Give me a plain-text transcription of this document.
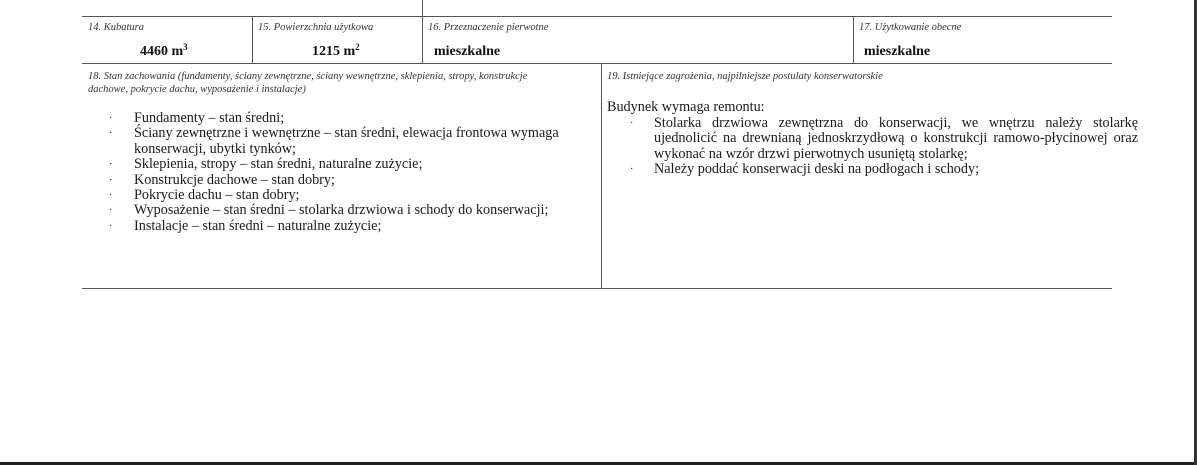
14. Kubatura
4460 $m^3$
15. Powierzchnia użytkowa
1215 $m^2$
16. Przeznaczenie pierwotne
mieszkalne
17. Użytkowanie obecne
mieszkalne
18. Stan zachowania (fundamenty, ściany zewnętrzne, ściany wewnętrzne, sklepienia, stropy, konstrukcje
dachowe, pokrycie dachu, wyposażenie i instalacje)
· Fundamenty – stan średni;
· Ściany zewnętrzne i wewnętrzne – stan średni, elewacja frontowa wymaga konserwacji, ubytki tynków;
· Sklepienia, stropy – stan średni, naturalne zużycie;
· Konstrukcje dachowe – stan dobry;
· Pokrycie dachu – stan dobry;
· Wyposażenie – stan średni – stolarka drzwiowa i schody do konserwacji;
· Instalacje – stan średni – naturalne zużycie;
19. Istniejące zagrożenia, najpilniejsze postulaty konserwatorskie
Budynek wymaga remontu:
· Stolarka drzwiowa zewnętrzna do konserwacji, we wnętrzu należy stolarkę ujednolicić na drewnianą jednoskrzydłową o konstrukcji ramowo-płycinowej oraz wykonać na wzór drzwi pierwotnych usuniętą stolarkę;
· Należy poddać konserwacji deski na podłogach i schody;
